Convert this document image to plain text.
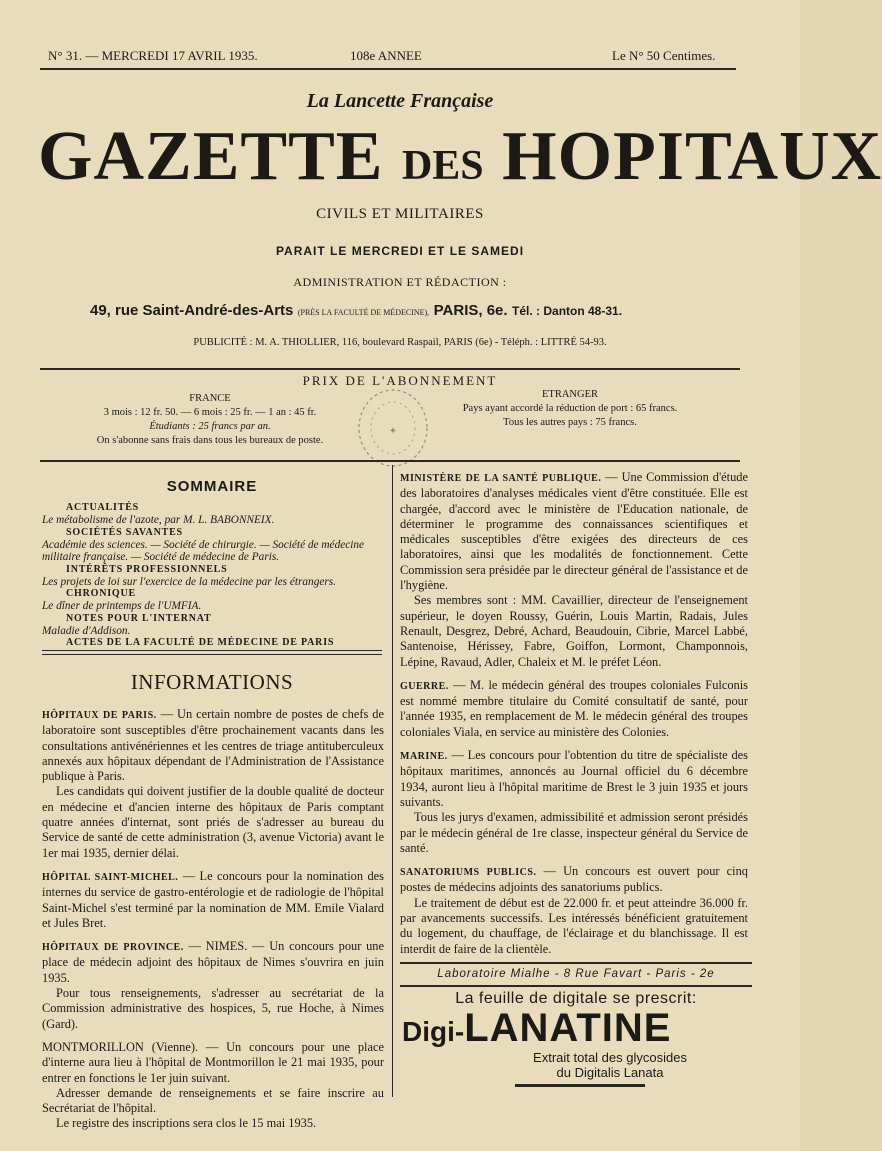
N° 31. — MERCREDI 17 AVRIL 1935.	108e ANNEE	Le N° 50 Centimes.
La Lancette Française
GAZETTE DES HOPITAUX
CIVILS ET MILITAIRES
PARAIT LE MERCREDI ET LE SAMEDI
ADMINISTRATION ET RÉDACTION :
49, rue Saint-André-des-Arts (PRÈS LA FACULTÉ DE MÉDECINE), PARIS, 6e. Tél. : Danton 48-31.
PUBLICITÉ : M. A. THIOLLIER, 116, boulevard Raspail, PARIS (6e) - Téléph. : LITTRÉ 54-93.
PRIX DE L'ABONNEMENT
FRANCE
3 mois : 12 fr. 50. — 6 mois : 25 fr. — 1 an : 45 fr.
Étudiants : 25 francs par an.
On s'abonne sans frais dans tous les bureaux de poste.
ETRANGER
Pays ayant accordé la réduction de port : 65 francs.
Tous les autres pays : 75 francs.
✦
SOMMAIRE
ACTUALITÉS
Le métabolisme de l'azote, par M. L. BABONNEIX.
SOCIÉTÉS SAVANTES
Académie des sciences. — Société de chirurgie. — Société de médecine militaire française. — Société de médecine de Paris.
INTÉRÊTS PROFESSIONNELS
Les projets de loi sur l'exercice de la médecine par les étrangers.
CHRONIQUE
Le dîner de printemps de l'UMFIA.
NOTES POUR L'INTERNAT
Maladie d'Addison.
ACTES DE LA FACULTÉ DE MÉDECINE DE PARIS
INFORMATIONS

HÔPITAUX DE PARIS. — Un certain nombre de postes de chefs de laboratoire sont susceptibles d'être prochainement vacants dans les consultations antivénériennes et les centres de triage antituberculeux annexés aux hôpitaux dépendant de l'Administration de l'Assistance publique à Paris.

Les candidats qui doivent justifier de la double qualité de docteur en médecine et d'ancien interne des hôpitaux de Paris comptant quatre années d'internat, sont priés de s'adresser au bureau du Service de santé de cette administration (3, avenue Victoria) avant le 1er mai 1935, dernier délai.

HÔPITAL SAINT-MICHEL. — Le concours pour la nomination des internes du service de gastro-entérologie et de radiologie de l'hôpital Saint-Michel s'est terminé par la nomination de MM. Emile Vialard et Jules Bret.

HÔPITAUX DE PROVINCE. — NIMES. — Un concours pour une place de médecin adjoint des hôpitaux de Nimes s'ouvrira en juin 1935.

Pour tous renseignements, s'adresser au secrétariat de la Commission administrative des hospices, 5, rue Hoche, à Nimes (Gard).

MONTMORILLON (Vienne). — Un concours pour une place d'interne aura lieu à l'hôpital de Montmorillon le 21 mai 1935, pour entrer en fonctions le 1er juin suivant.

Adresser demande de renseignements et se faire inscrire au Secrétariat de l'hôpital.

Le registre des inscriptions sera clos le 15 mai 1935.

MINISTÈRE DE LA SANTÉ PUBLIQUE. — Une Commission d'étude des laboratoires d'analyses médicales vient d'être constituée. Elle est chargée, d'accord avec le ministère de l'Education nationale, de déterminer le programme des connaissances scientifiques et médicales susceptibles d'être exigées des directeurs de ces laboratoires, ainsi que les modalités de fonctionnement. Cette Commission sera présidée par le directeur général de l'assistance et de l'hygiène.

Ses membres sont : MM. Cavaillier, directeur de l'enseignement supérieur, le doyen Roussy, Guérin, Louis Martin, Radais, Jules Renault, Desgrez, Debré, Achard, Beaudouin, Cibrie, Marcel Labbé, Santenoise, Hérissey, Fabre, Goiffon, Lormont, Champonnois, Lépine, Ravaud, Adler, Chaleix et M. le préfet Léon.

GUERRE. — M. le médecin général des troupes coloniales Fulconis est nommé membre titulaire du Comité consultatif de santé, pour l'année 1935, en remplacement de M. le médecin général des troupes coloniales Viala, en service au ministère des Colonies.

MARINE. — Les concours pour l'obtention du titre de spécialiste des hôpitaux maritimes, annoncés au Journal officiel du 6 décembre 1934, auront lieu à l'hôpital maritime de Brest le 3 juin 1935 et jours suivants.

Tous les jurys d'examen, admissibilité et admission seront présidés par le médecin général de 1re classe, inspecteur général du Service de santé.

SANATORIUMS PUBLICS. — Un concours est ouvert pour cinq postes de médecins adjoints des sanatoriums publics.

Le traitement de début est de 22.000 fr. et peut atteindre 36.000 fr. par avancements successifs. Les intéressés bénéficient gratuitement du logement, du chauffage, de l'éclairage et du blanchissage. Il est interdit de faire de la clientèle.

Laboratoire Mialhe - 8 Rue Favart - Paris - 2e
La feuille de digitale se prescrit:
Digi-LANATINE
Extrait total des glycosides
du Digitalis Lanata
